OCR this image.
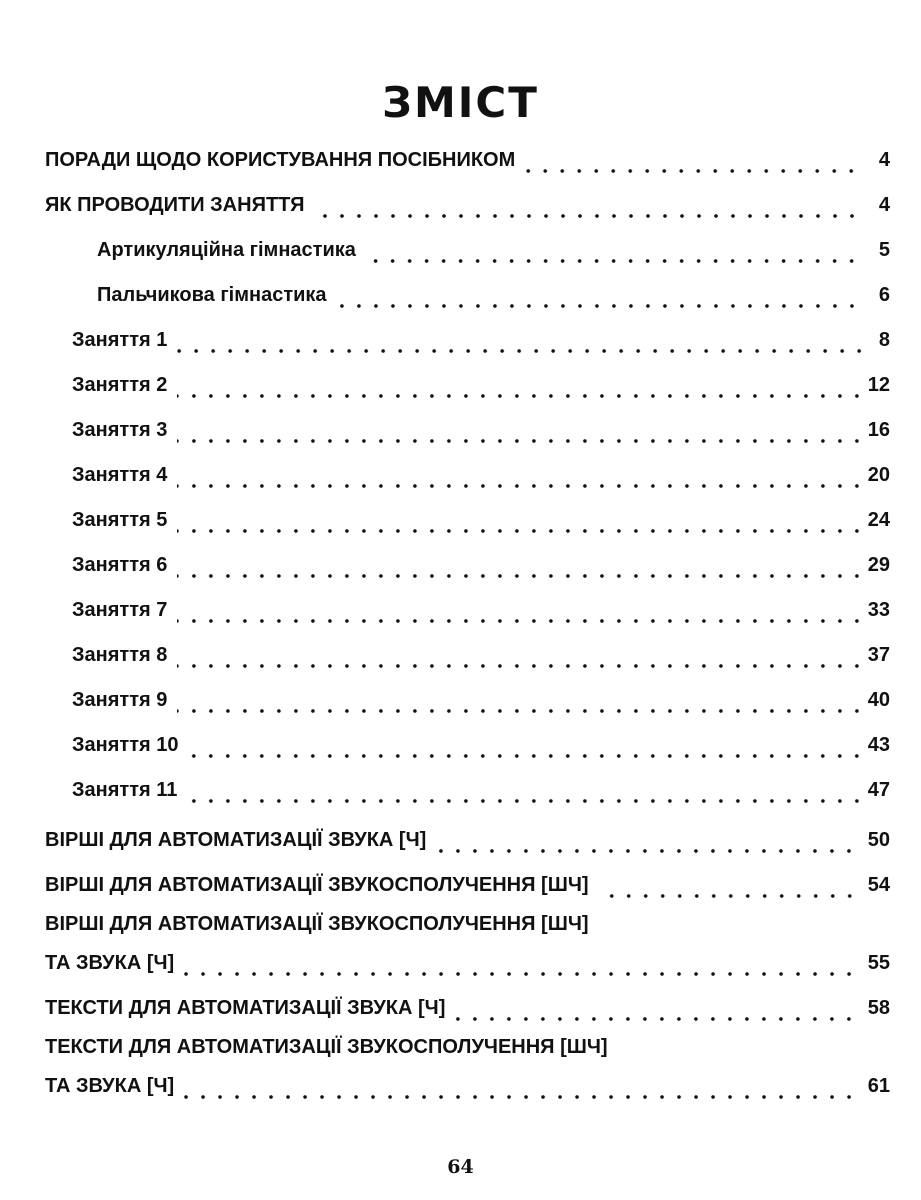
ЗМІСТ
ПОРАДИ ЩОДО КОРИСТУВАННЯ ПОСІБНИКОМ	4
ЯК ПРОВОДИТИ ЗАНЯТТЯ	4
Артикуляційна гімнастика	5
Пальчикова гімнастика	6
Заняття 1	8
Заняття 2	12
Заняття 3	16
Заняття 4	20
Заняття 5	24
Заняття 6	29
Заняття 7	33
Заняття 8	37
Заняття 9	40
Заняття 10	43
Заняття 11	47
ВІРШІ ДЛЯ АВТОМАТИЗАЦІЇ ЗВУКА [Ч]	50
ВІРШІ ДЛЯ АВТОМАТИЗАЦІЇ ЗВУКОСПОЛУЧЕННЯ [ШЧ]	54
ВІРШІ ДЛЯ АВТОМАТИЗАЦІЇ ЗВУКОСПОЛУЧЕННЯ [ШЧ]
ТА ЗВУКА [Ч]	55
ТЕКСТИ ДЛЯ АВТОМАТИЗАЦІЇ ЗВУКА [Ч]	58
ТЕКСТИ ДЛЯ АВТОМАТИЗАЦІЇ ЗВУКОСПОЛУЧЕННЯ [ШЧ]
ТА ЗВУКА [Ч]	61
64
